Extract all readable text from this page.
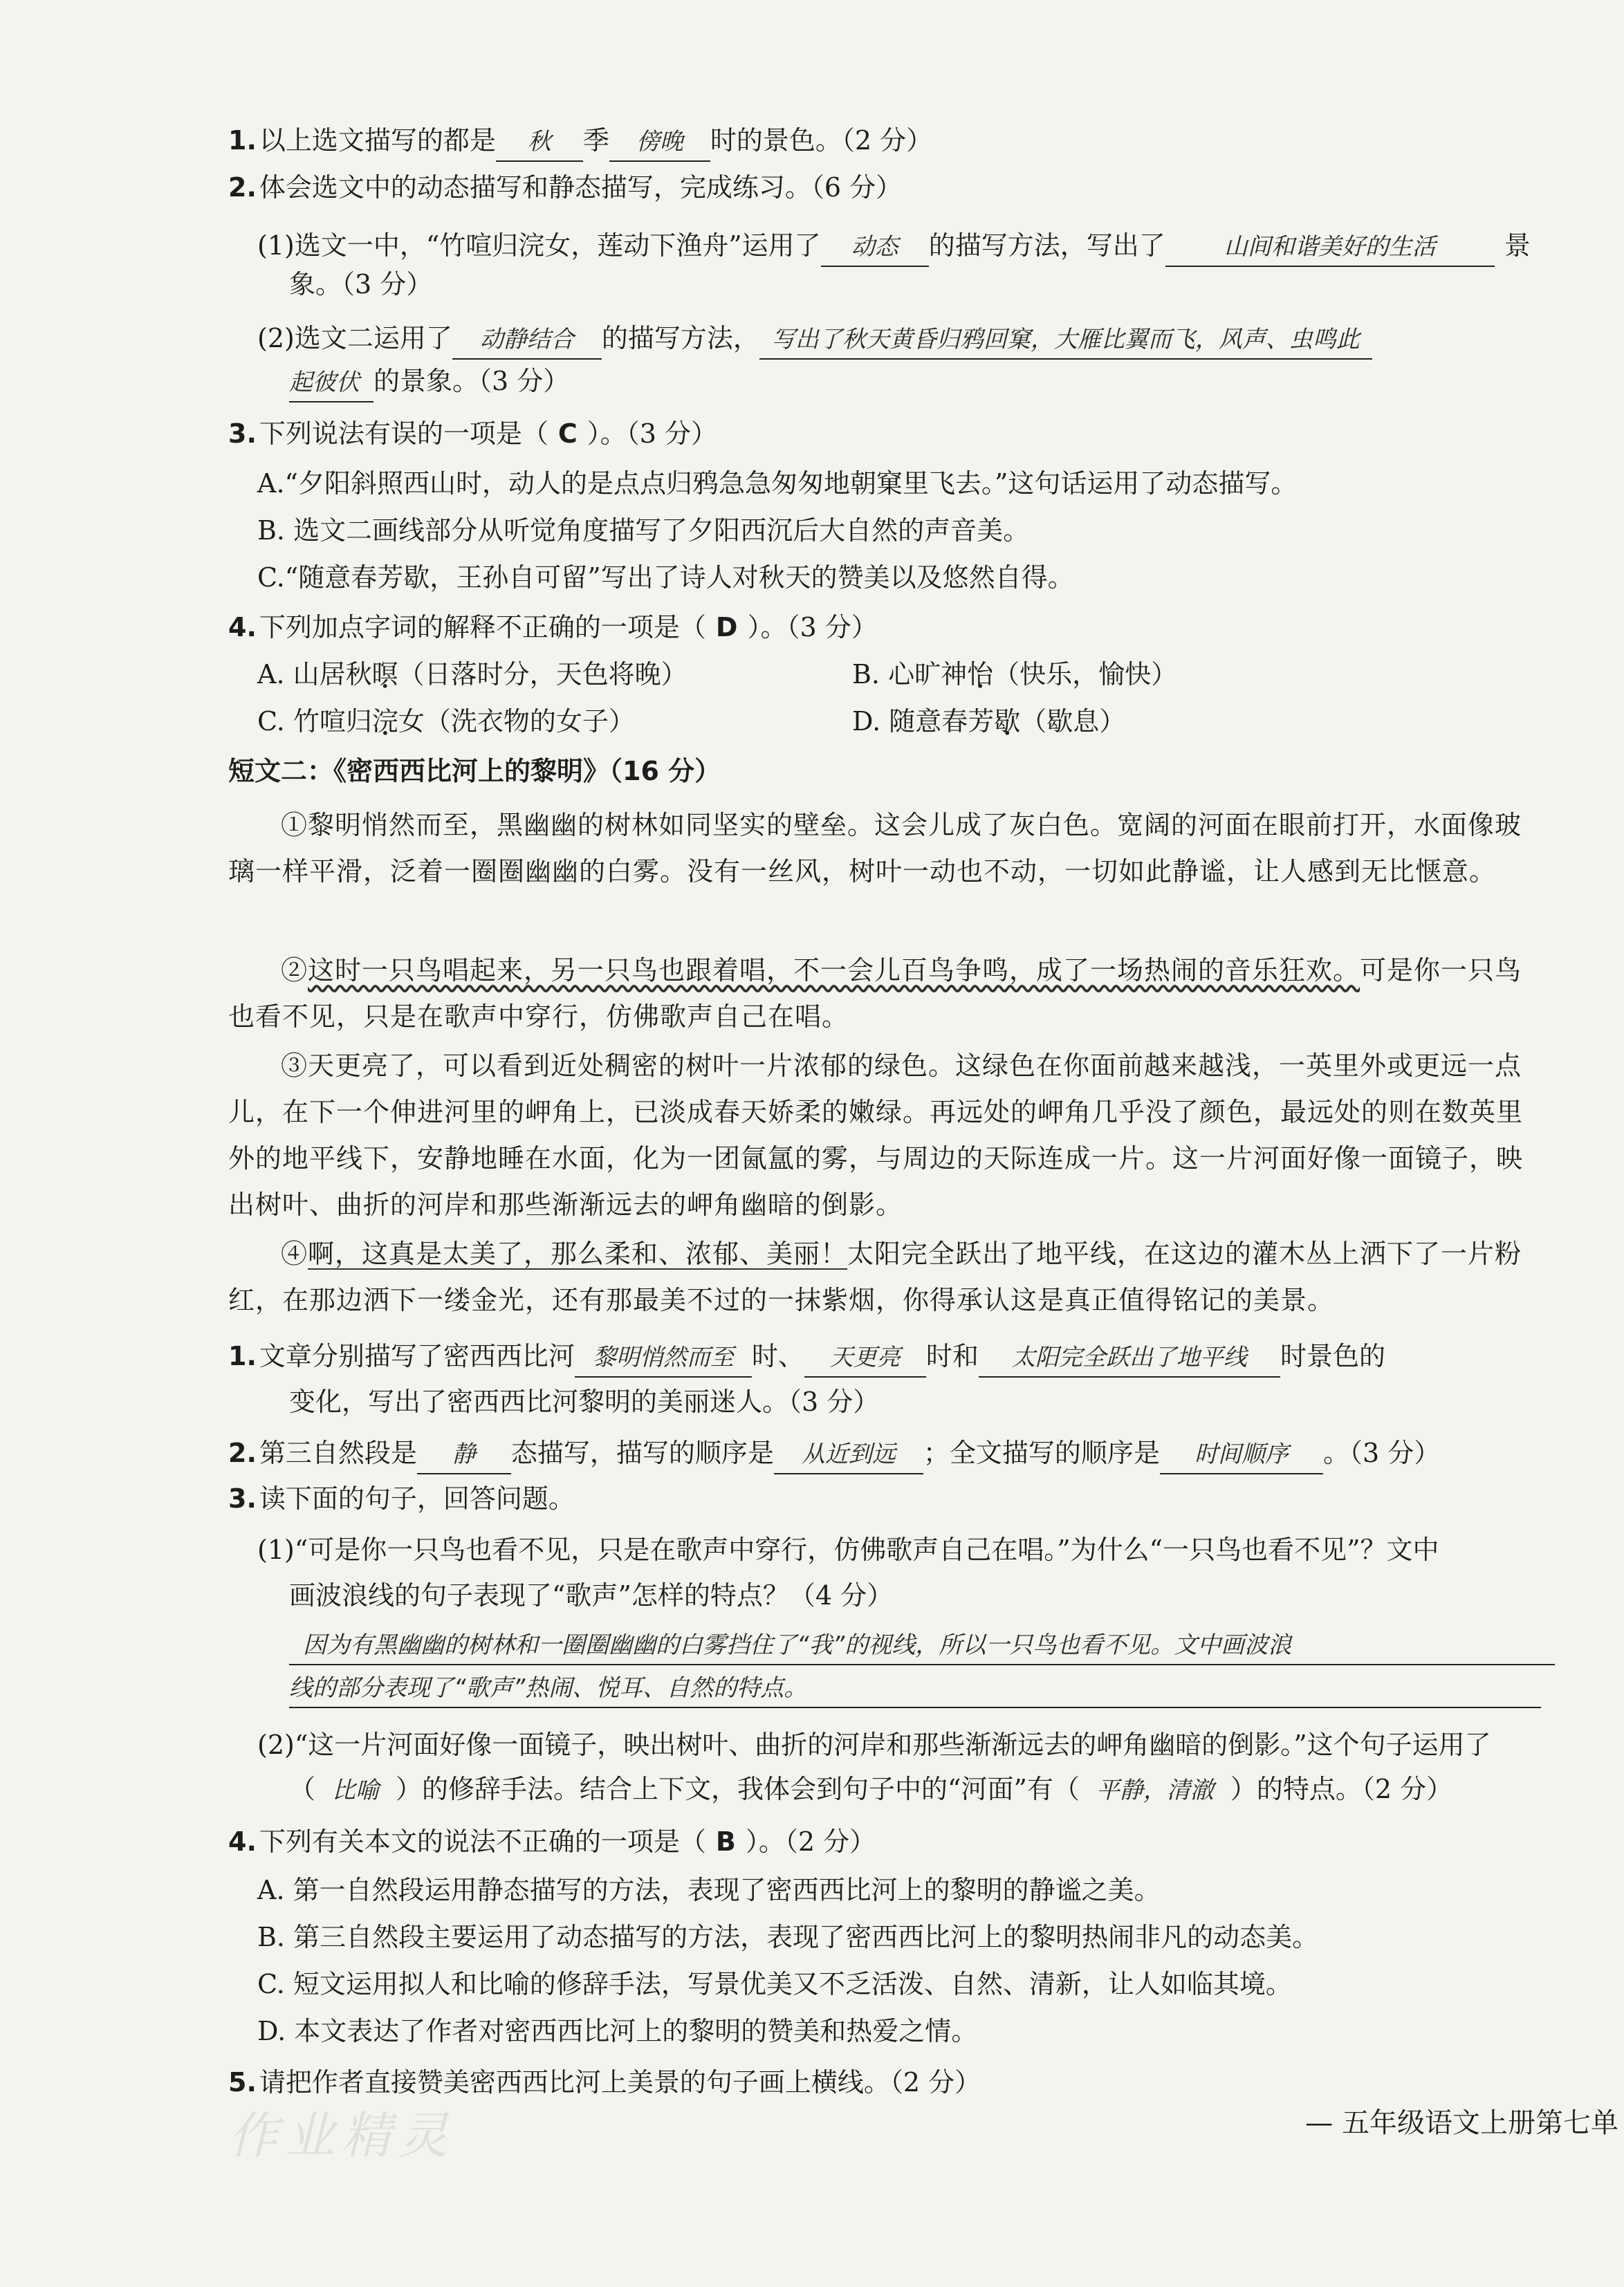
1. 以上选文描写的都是 秋 季 傍晚 时的景色。（2 分）
2. 体会选文中的动态描写和静态描写，完成练习。（6 分）
(1)选文一中，“竹喧归浣女，莲动下渔舟”运用了 动态 的描写方法，写出了	山间和谐美好的生活	景
象。（3 分）
(2)选文二运用了 动静结合 的描写方法， 写出了秋天黄昏归鸦回窠，大雁比翼而飞，风声、虫鸣此
起彼伏 的景象。（3 分）
3. 下列说法有误的一项是（ C ）。（3 分）
A.“夕阳斜照西山时，动人的是点点归鸦急急匆匆地朝窠里飞去。”这句话运用了动态描写。
B. 选文二画线部分从听觉角度描写了夕阳西沉后大自然的声音美。
C.“随意春芳歇，王孙自可留”写出了诗人对秋天的赞美以及悠然自得。
4. 下列加点字词的解释不正确的一项是（ D ）。（3 分）
A. 山居秋暝（日落时分，天色将晚）	B. 心旷神怡（快乐，愉快）
C. 竹喧归浣女（洗衣物的女子）	D. 随意春芳歇（歇息）
短文二：《密西西比河上的黎明》（16 分）
①黎明悄然而至，黑幽幽的树林如同坚实的壁垒。这会儿成了灰白色。宽阔的河面在眼前打开，水面像玻璃一样平滑，泛着一圈圈幽幽的白雾。没有一丝风，树叶一动也不动，一切如此静谧，让人感到无比惬意。
②这时一只鸟唱起来，另一只鸟也跟着唱，不一会儿百鸟争鸣，成了一场热闹的音乐狂欢。可是你一只鸟也看不见，只是在歌声中穿行，仿佛歌声自己在唱。
③天更亮了，可以看到近处稠密的树叶一片浓郁的绿色。这绿色在你面前越来越浅，一英里外或更远一点儿，在下一个伸进河里的岬角上，已淡成春天娇柔的嫩绿。再远处的岬角几乎没了颜色，最远处的则在数英里外的地平线下，安静地睡在水面，化为一团氤氲的雾，与周边的天际连成一片。这一片河面好像一面镜子，映出树叶、曲折的河岸和那些渐渐远去的岬角幽暗的倒影。
④啊，这真是太美了，那么柔和、浓郁、美丽！太阳完全跃出了地平线，在这边的灌木丛上洒下了一片粉红，在那边洒下一缕金光，还有那最美不过的一抹紫烟，你得承认这是真正值得铭记的美景。
1. 文章分别描写了密西西比河 黎明悄然而至 时、 天更亮 时和 太阳完全跃出了地平线 时景色的
变化，写出了密西西比河黎明的美丽迷人。（3 分）
2. 第三自然段是 静 态描写，描写的顺序是 从近到远 ；全文描写的顺序是 时间顺序 。（3 分）
3. 读下面的句子，回答问题。
(1)“可是你一只鸟也看不见，只是在歌声中穿行，仿佛歌声自己在唱。”为什么“一只鸟也看不见”？文中
画波浪线的句子表现了“歌声”怎样的特点？（4 分）
因为有黑幽幽的树林和一圈圈幽幽的白雾挡住了“我”的视线，所以一只鸟也看不见。文中画波浪
线的部分表现了“歌声”热闹、悦耳、自然的特点。
(2)“这一片河面好像一面镜子，映出树叶、曲折的河岸和那些渐渐远去的岬角幽暗的倒影。”这个句子运用了
（ 比喻 ）的修辞手法。结合上下文，我体会到句子中的“河面”有（ 平静，清澈 ）的特点。（2 分）
4. 下列有关本文的说法不正确的一项是（ B ）。（2 分）
A. 第一自然段运用静态描写的方法，表现了密西西比河上的黎明的静谧之美。
B. 第三自然段主要运用了动态描写的方法，表现了密西西比河上的黎明热闹非凡的动态美。
C. 短文运用拟人和比喻的修辞手法，写景优美又不乏活泼、自然、清新，让人如临其境。
D. 本文表达了作者对密西西比河上的黎明的赞美和热爱之情。
5. 请把作者直接赞美密西西比河上美景的句子画上横线。（2 分）
作业精灵	— 五年级语文上册第七单
